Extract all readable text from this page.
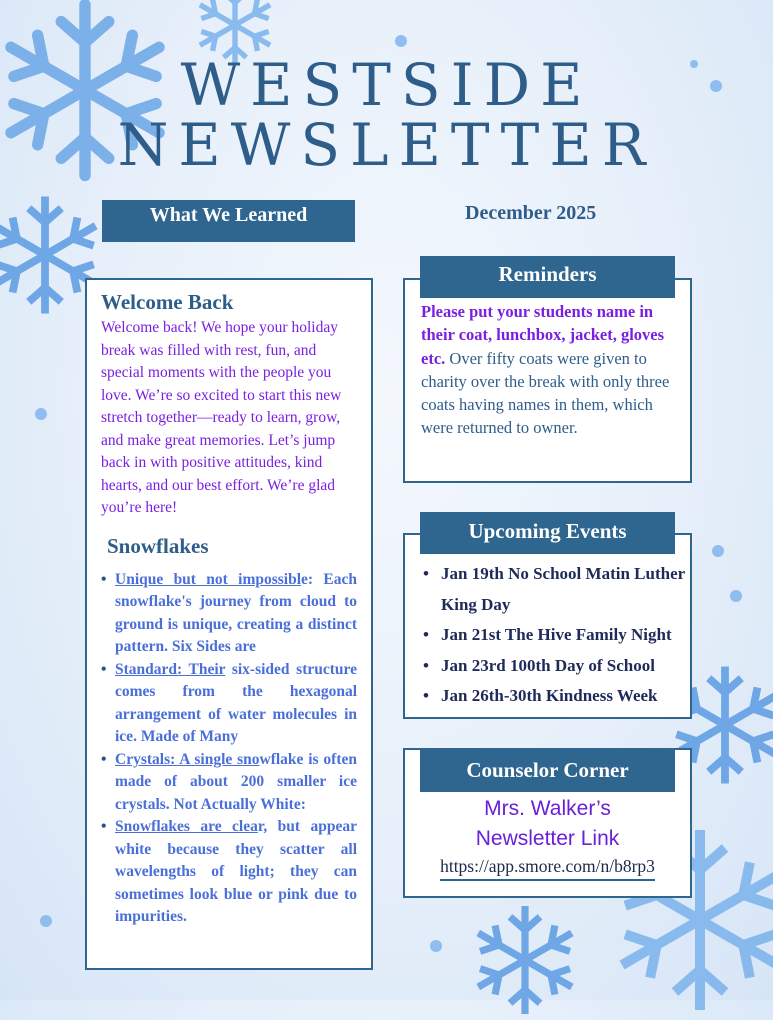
WESTSIDE
NEWSLETTER
What We Learned	December 2025
Welcome Back
Welcome back! We hope your holiday break was filled with rest, fun, and special moments with the people you love. We’re so excited to start this new stretch together—ready to learn, grow, and make great memories. Let’s jump back in with positive attitudes, kind hearts, and our best effort. We’re glad you’re here!
Snowflakes
• Unique but not impossible: Each snowflake's journey from cloud to ground is unique, creating a distinct pattern. Six Sides are
• Standard: Their six-sided structure comes from the hexagonal arrangement of water molecules in ice. Made of Many
• Crystals: A single snowflake is often made of about 200 smaller ice crystals. Not Actually White:
• Snowflakes are clear, but appear white because they scatter all wavelengths of light; they can sometimes look blue or pink due to impurities.
Please put your students name in their coat, lunchbox, jacket, gloves etc. Over fifty coats were given to charity over the break with only three coats having names in them, which were returned to owner.
Reminders
• Jan 19th No School Matin Luther King Day
• Jan 21st The Hive Family Night
• Jan 23rd 100th Day of School
• Jan 26th-30th Kindness Week
Upcoming Events
Mrs. Walker’s Newsletter Link
https://app.smore.com/n/b8rp3
Counselor Corner
